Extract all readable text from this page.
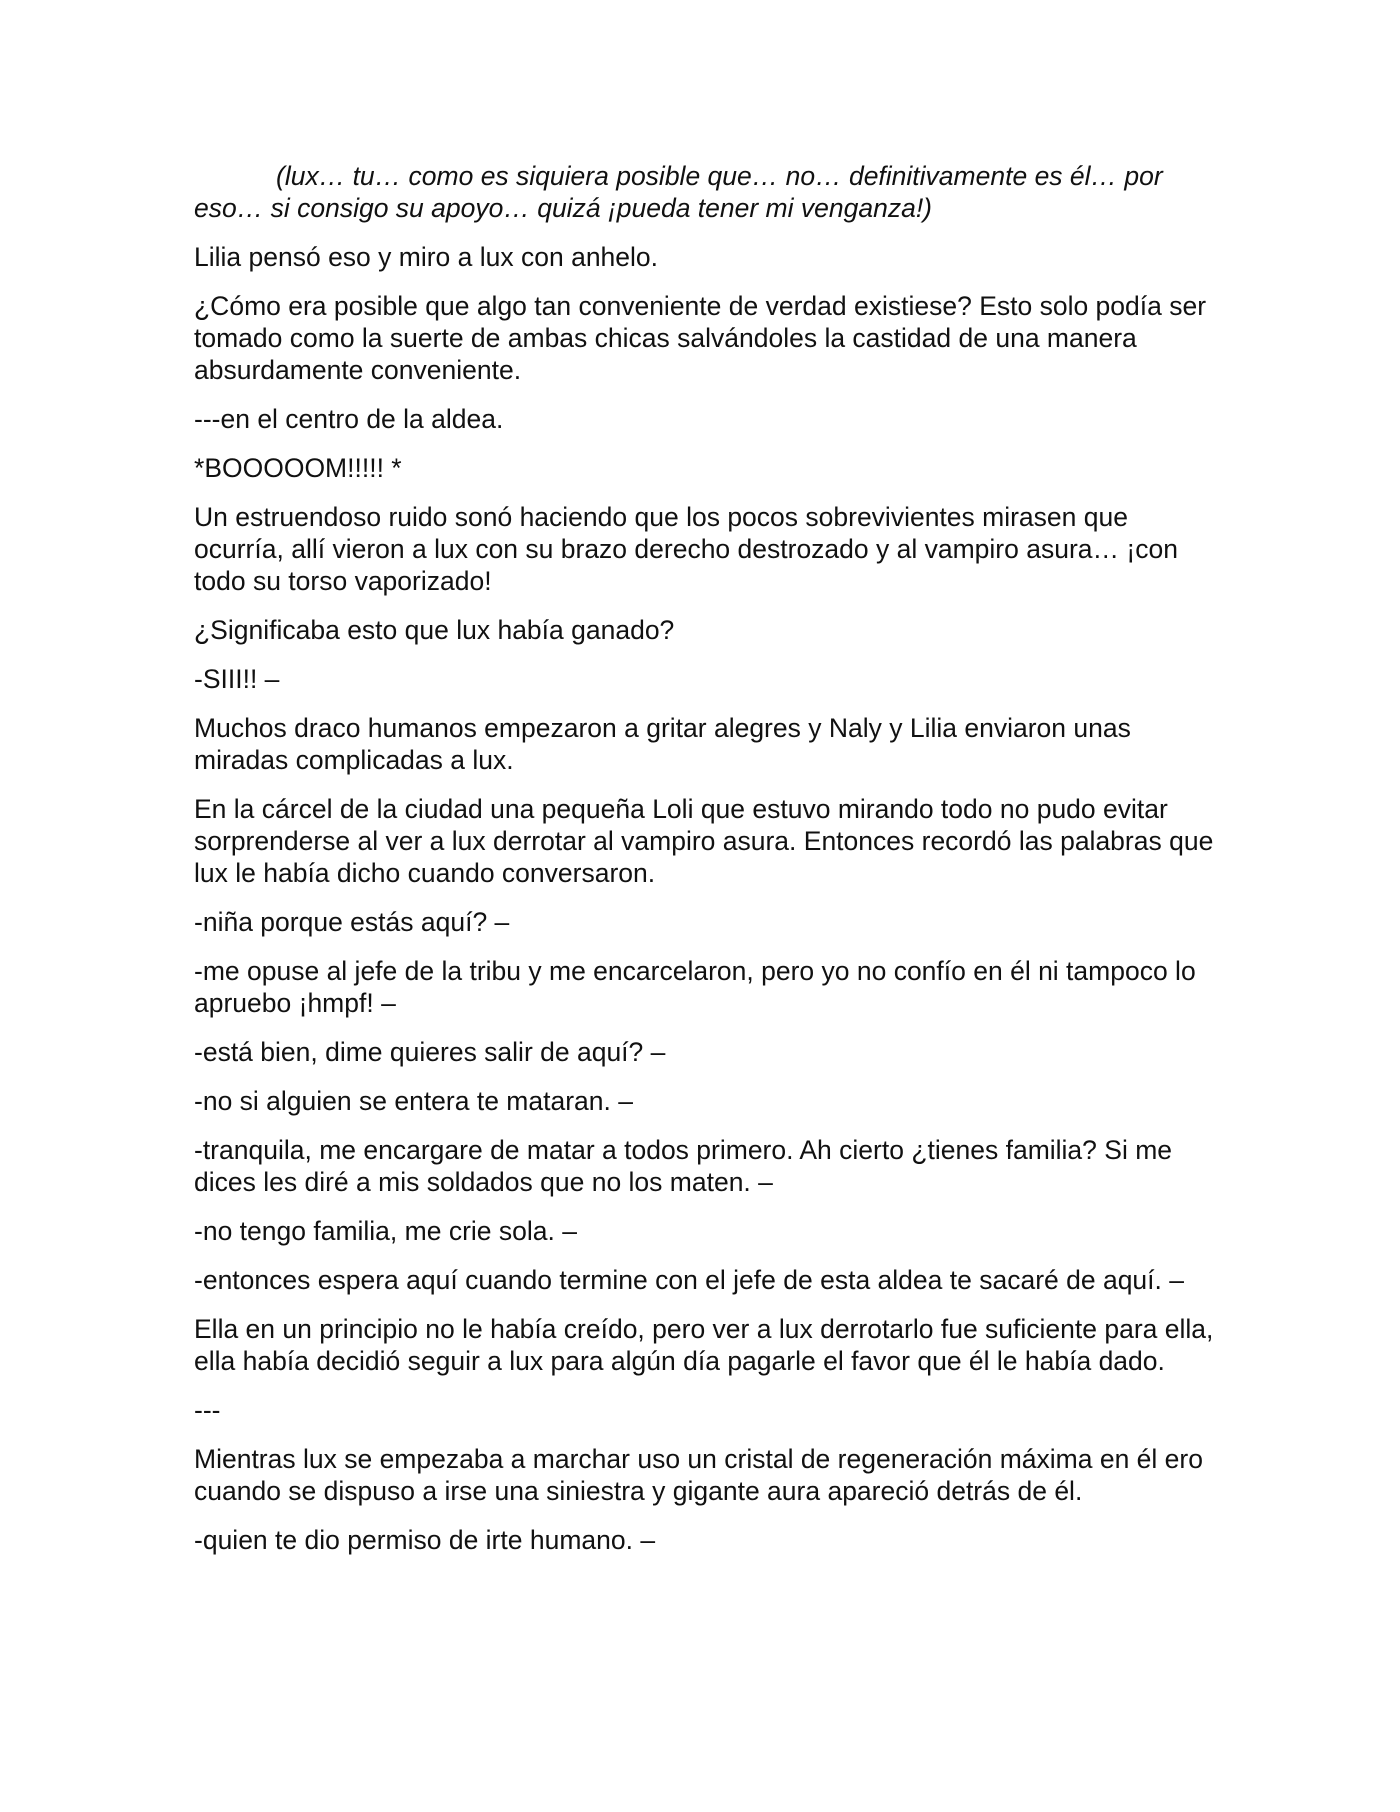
(lux… tu… como es siquiera posible que… no… definitivamente es él… por eso… si consigo su apoyo… quizá ¡pueda tener mi venganza!)

Lilia pensó eso y miro a lux con anhelo.

¿Cómo era posible que algo tan conveniente de verdad existiese? Esto solo podía ser tomado como la suerte de ambas chicas salvándoles la castidad de una manera absurdamente conveniente.

---en el centro de la aldea.

*BOOOOOM!!!!! *

Un estruendoso ruido sonó haciendo que los pocos sobrevivientes mirasen que ocurría, allí vieron a lux con su brazo derecho destrozado y al vampiro asura… ¡con todo su torso vaporizado!

¿Significaba esto que lux había ganado?

-SIII!! –

Muchos draco humanos empezaron a gritar alegres y Naly y Lilia enviaron unas miradas complicadas a lux.

En la cárcel de la ciudad una pequeña Loli que estuvo mirando todo no pudo evitar sorprenderse al ver a lux derrotar al vampiro asura. Entonces recordó las palabras que lux le había dicho cuando conversaron.

-niña porque estás aquí? –

-me opuse al jefe de la tribu y me encarcelaron, pero yo no confío en él ni tampoco lo apruebo ¡hmpf! –

-está bien, dime quieres salir de aquí? –

-no si alguien se entera te mataran. –

-tranquila, me encargare de matar a todos primero. Ah cierto ¿tienes familia? Si me dices les diré a mis soldados que no los maten. –

-no tengo familia, me crie sola. –

-entonces espera aquí cuando termine con el jefe de esta aldea te sacaré de aquí. –

Ella en un principio no le había creído, pero ver a lux derrotarlo fue suficiente para ella, ella había decidió seguir a lux para algún día pagarle el favor que él le había dado.

---

Mientras lux se empezaba a marchar uso un cristal de regeneración máxima en él ero cuando se dispuso a irse una siniestra y gigante aura apareció detrás de él.

-quien te dio permiso de irte humano. –
